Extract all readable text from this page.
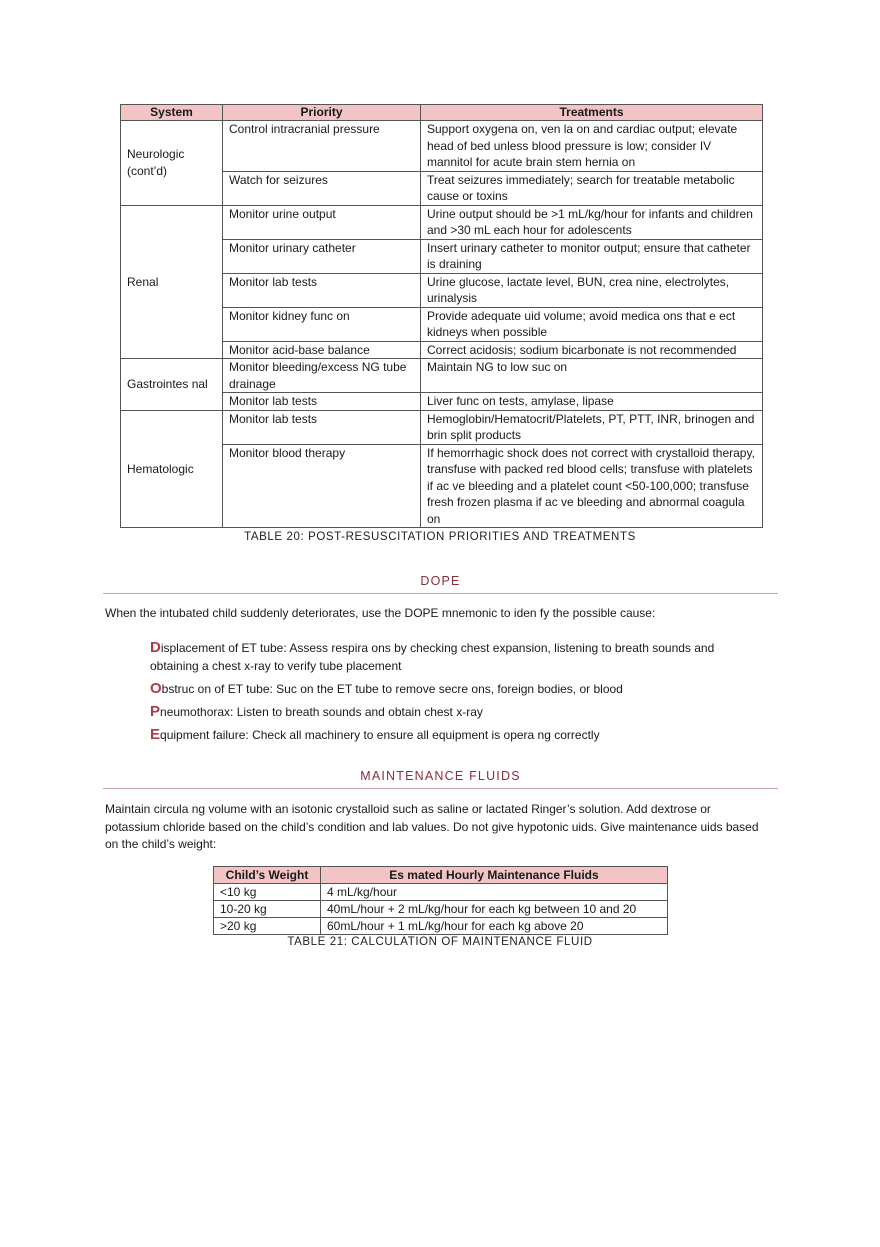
System	Priority	Treatments
Neurologic
(cont’d)	Control intracranial pressure	Support oxygena on, ven la on and cardiac output; elevate head of bed unless blood pressure is low; consider IV mannitol for acute brain stem hernia on
	Watch for seizures	Treat seizures immediately; search for treatable metabolic cause or toxins
Renal	Monitor urine output	Urine output should be >1 mL/kg/hour for infants and children and >30 mL each hour for adolescents
	Monitor urinary catheter	Insert urinary catheter to monitor output; ensure that catheter is draining
	Monitor lab tests	Urine glucose, lactate level, BUN, crea nine, electrolytes, urinalysis
	Monitor kidney func on	Provide adequate uid volume; avoid medica ons that e ect kidneys when possible
	Monitor acid-base balance	Correct acidosis; sodium bicarbonate is not recommended
Gastrointes nal	Monitor bleeding/excess NG tube drainage	Maintain NG to low suc on
	Monitor lab tests	Liver func on tests, amylase, lipase
Hematologic	Monitor lab tests	Hemoglobin/Hematocrit/Platelets, PT, PTT, INR, brinogen and brin split products
	Monitor blood therapy	If hemorrhagic shock does not correct with crystalloid therapy, transfuse with packed red blood cells; transfuse with platelets if ac ve bleeding and a platelet count <50-100,000; transfuse fresh frozen plasma if ac ve bleeding and abnormal coagula on
TABLE 20: POST-RESUSCITATION PRIORITIES AND TREATMENTS
DOPE
When the intubated child suddenly deteriorates, use the DOPE mnemonic to iden fy the possible cause:
Displacement of ET tube: Assess respira ons by checking chest expansion, listening to breath sounds and obtaining a chest x-ray to verify tube placement
Obstruc on of ET tube: Suc on the ET tube to remove secre ons, foreign bodies, or blood
Pneumothorax: Listen to breath sounds and obtain chest x-ray
Equipment failure: Check all machinery to ensure all equipment is opera ng correctly
MAINTENANCE FLUIDS
Maintain circula ng volume with an isotonic crystalloid such as saline or lactated Ringer’s solution. Add dextrose or potassium chloride based on the child’s condition and lab values. Do not give hypotonic uids. Give maintenance uids based on the child’s weight:
Child’s Weight	Es mated Hourly Maintenance Fluids
<10 kg	4 mL/kg/hour
10-20 kg	40mL/hour + 2 mL/kg/hour for each kg between 10 and 20
>20 kg	60mL/hour + 1 mL/kg/hour for each kg above 20
TABLE 21: CALCULATION OF MAINTENANCE FLUID
